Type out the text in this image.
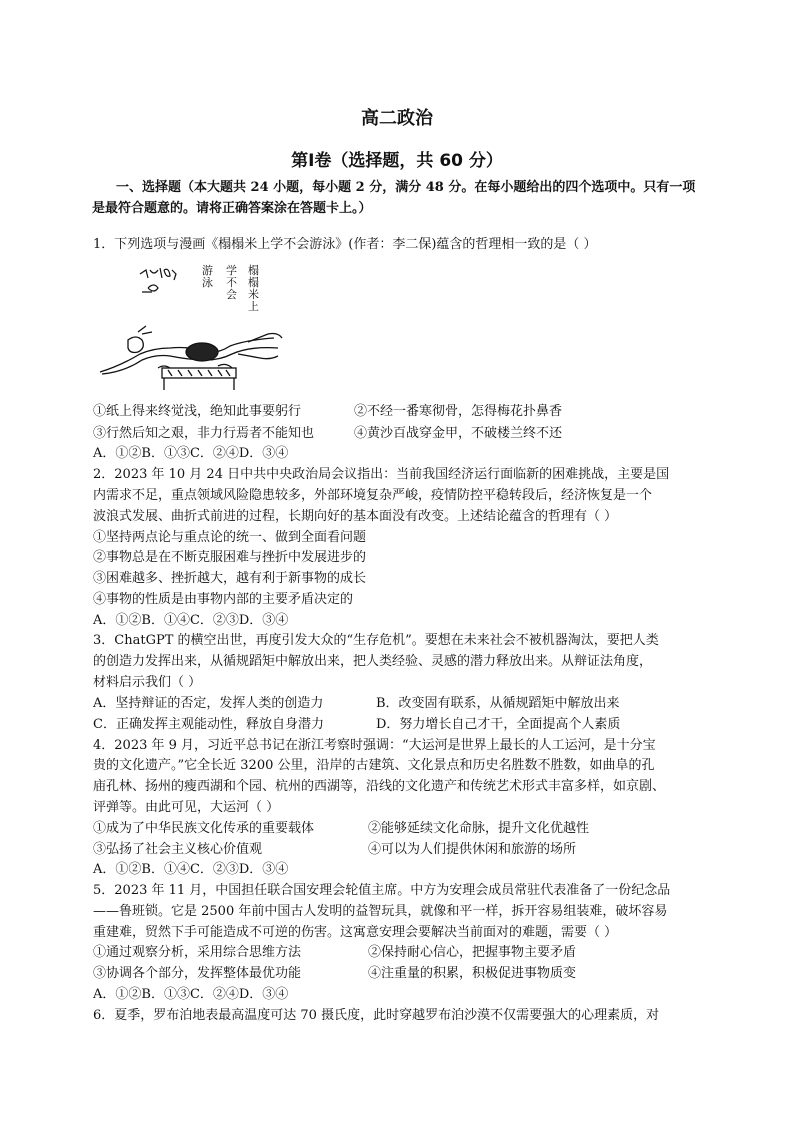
高二政治
第Ⅰ卷（选择题，共 60 分）
一、选择题（本大题共 24 小题，每小题 2 分，满分 48 分。在每小题给出的四个选项中。只有一项是最符合题意的。请将正确答案涂在答题卡上。）
1．下列选项与漫画《榻榻米上学不会游泳》(作者：李二保)蕴含的哲理相一致的是（ ）
榻
榻
米
上
学
不
会
游
泳
①纸上得来终觉浅，绝知此事要躬行	②不经一番寒彻骨，怎得梅花扑鼻香
③行然后知之艰，非力行焉者不能知也	④黄沙百战穿金甲，不破楼兰终不还
A．①②B．①③C．②④D．③④
2．2023 年 10 月 24 日中共中央政治局会议指出：当前我国经济运行面临新的困难挑战，主要是国
内需求不足，重点领域风险隐患较多，外部环境复杂严峻，疫情防控平稳转段后，经济恢复是一个
波浪式发展、曲折式前进的过程，长期向好的基本面没有改变。上述结论蕴含的哲理有（ ）
①坚持两点论与重点论的统一、做到全面看问题
②事物总是在不断克服困难与挫折中发展进步的
③困难越多、挫折越大，越有利于新事物的成长
④事物的性质是由事物内部的主要矛盾决定的
A．①②B．①④C．②③D．③④
3．ChatGPT 的横空出世，再度引发大众的“生存危机”。要想在未来社会不被机器淘汰，要把人类
的创造力发挥出来，从循规蹈矩中解放出来，把人类经验、灵感的潜力释放出来。从辩证法角度，
材料启示我们（ ）
A．坚持辩证的否定，发挥人类的创造力	B．改变固有联系，从循规蹈矩中解放出来
C．正确发挥主观能动性，释放自身潜力	D．努力增长自己才干，全面提高个人素质
4．2023 年 9 月，习近平总书记在浙江考察时强调：“大运河是世界上最长的人工运河，是十分宝
贵的文化遗产。”它全长近 3200 公里，沿岸的古建筑、文化景点和历史名胜数不胜数，如曲阜的孔
庙孔林、扬州的瘦西湖和个园、杭州的西湖等，沿线的文化遗产和传统艺术形式丰富多样，如京剧、
评弹等。由此可见，大运河（ ）
①成为了中华民族文化传承的重要载体	②能够延续文化命脉，提升文化优越性
③弘扬了社会主义核心价值观	④可以为人们提供休闲和旅游的场所
A．①②B．①④C．②③D．③④
5．2023 年 11 月，中国担任联合国安理会轮值主席。中方为安理会成员常驻代表准备了一份纪念品
——鲁班锁。它是 2500 年前中国古人发明的益智玩具，就像和平一样，拆开容易组装难，破坏容易
重建难，贸然下手可能造成不可逆的伤害。这寓意安理会要解决当前面对的难题，需要（ ）
①通过观察分析，采用综合思维方法	②保持耐心信心，把握事物主要矛盾
③协调各个部分，发挥整体最优功能	④注重量的积累，积极促进事物质变
A．①②B．①③C．②④D．③④
6．夏季，罗布泊地表最高温度可达 70 摄氏度，此时穿越罗布泊沙漠不仅需要强大的心理素质，对
